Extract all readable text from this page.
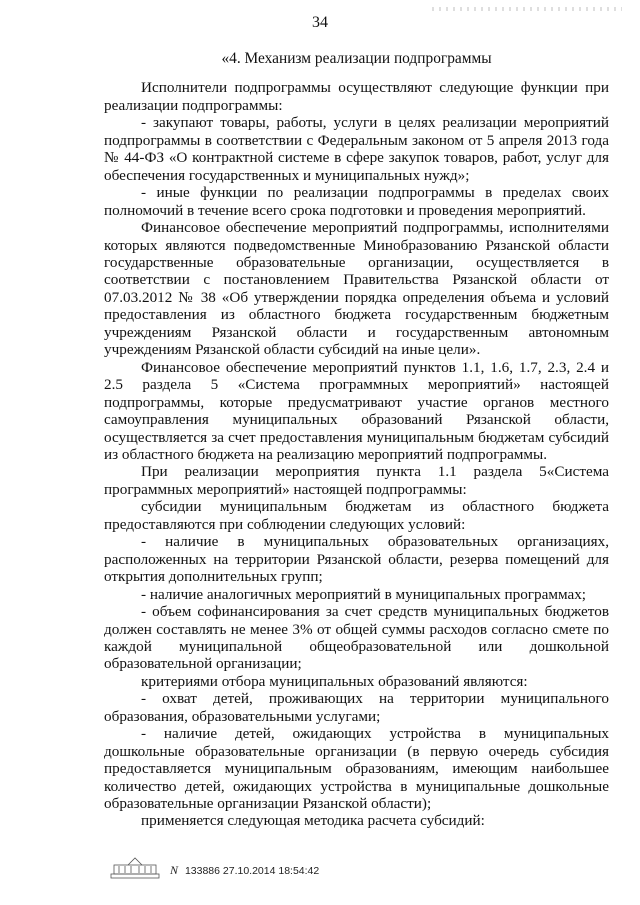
34
«4. Механизм реализации подпрограммы

Исполнители подпрограммы осуществляют следующие функции при реализации подпрограммы:

- закупают товары, работы, услуги в целях реализации мероприятий подпрограммы в соответствии с Федеральным законом от 5 апреля 2013 года № 44-ФЗ «О контрактной системе в сфере закупок товаров, работ, услуг для обеспечения государственных и муниципальных нужд»;

- иные функции по реализации подпрограммы в пределах своих полномочий в течение всего срока подготовки и проведения мероприятий.

Финансовое обеспечение мероприятий подпрограммы, исполнителями которых являются подведомственные Минобразованию Рязанской области государственные образовательные организации, осуществляется в соответствии с постановлением Правительства Рязанской области от 07.03.2012 № 38 «Об утверждении порядка определения объема и условий предоставления из областного бюджета государственным бюджетным учреждениям Рязанской области и государственным автономным учреждениям Рязанской области субсидий на иные цели».

Финансовое обеспечение мероприятий пунктов 1.1, 1.6, 1.7, 2.3, 2.4 и 2.5 раздела 5 «Система программных мероприятий» настоящей подпрограммы, которые предусматривают участие органов местного самоуправления муниципальных образований Рязанской области, осуществляется за счет предоставления муниципальным бюджетам субсидий из областного бюджета на реализацию мероприятий подпрограммы.

При реализации мероприятия пункта 1.1 раздела 5«Система программных мероприятий» настоящей подпрограммы:

субсидии муниципальным бюджетам из областного бюджета предоставляются при соблюдении следующих условий:

- наличие в муниципальных образовательных организациях, расположенных на территории Рязанской области, резерва помещений для открытия дополнительных групп;

- наличие аналогичных мероприятий в муниципальных программах;

- объем софинансирования за счет средств муниципальных бюджетов должен составлять не менее 3% от общей суммы расходов согласно смете по каждой муниципальной общеобразовательной или дошкольной образовательной организации;

критериями отбора муниципальных образований являются:

- охват детей, проживающих на территории муниципального образования, образовательными услугами;

- наличие детей, ожидающих устройства в муниципальных дошкольные образовательные организации (в первую очередь субсидия предоставляется муниципальным образованиям, имеющим наибольшее количество детей, ожидающих устройства в муниципальные дошкольные образовательные организации Рязанской области);

применяется следующая методика расчета субсидий:

N 133886 27.10.2014 18:54:42
